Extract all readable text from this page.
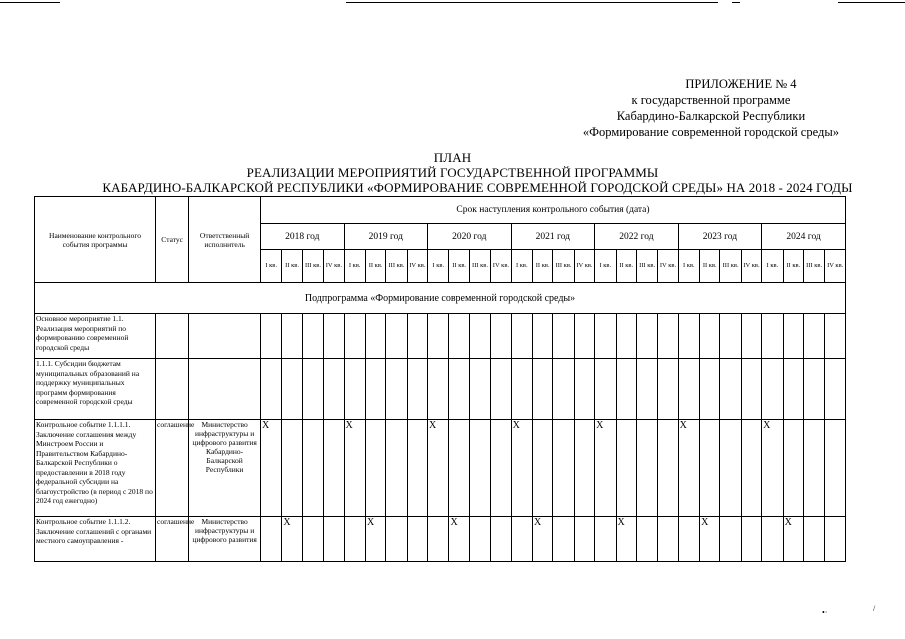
ПРИЛОЖЕНИЕ № 4
к государственной программе
Кабардино-Балкарской Республики
«Формирование современной городской среды»
ПЛАН
РЕАЛИЗАЦИИ МЕРОПРИЯТИЙ ГОСУДАРСТВЕННОЙ ПРОГРАММЫ
КАБАРДИНО-БАЛКАРСКОЙ РЕСПУБЛИКИ «ФОРМИРОВАНИЕ СОВРЕМЕННОЙ ГОРОДСКОЙ СРЕДЫ» НА 2018 - 2024 ГОДЫ
Наименование контрольного события программы	Статус	Ответственный исполнитель	Срок наступления контрольного события (дата)																											
			2018 год				2019 год				2020 год				2021 год				2022 год				2023 год				2024 год			
			I кв.	II кв.	III кв.	IV кв.	I кв.	II кв.	III кв.	IV кв.	I кв.	II кв.	III кв.	IV кв.	I кв.	II кв.	III кв.	IV кв.	I кв.	II кв.	III кв.	IV кв.	I кв.	II кв.	III кв.	IV кв.	I кв.	II кв.	III кв.	IV кв.
Подпрограмма «Формирование современной городской среды»																														
Основное мероприятие 1.1. Реализация мероприятий по формированию современной городской среды																														
1.1.1. Субсидии бюджетам муниципальных образований на поддержку муниципальных программ формирования современной городской среды																														
Контрольное событие 1.1.1.1. Заключение соглашения между Минстроем России и Правительством Кабардино-Балкарской Республики о предоставлении в 2018 году федеральной субсидии на благоустройство (в период с 2018 по 2024 год ежегодно)	соглашение	Министерство инфраструктуры и цифрового развития Кабардино-Балкарской Республики	X				X				X				X				X				X				X			
Контрольное событие 1.1.1.2. Заключение соглашений с органами местного самоуправления -	соглашение	Министерство инфраструктуры и цифрового развития		X				X				X				X				X				X				X		
•·	/
